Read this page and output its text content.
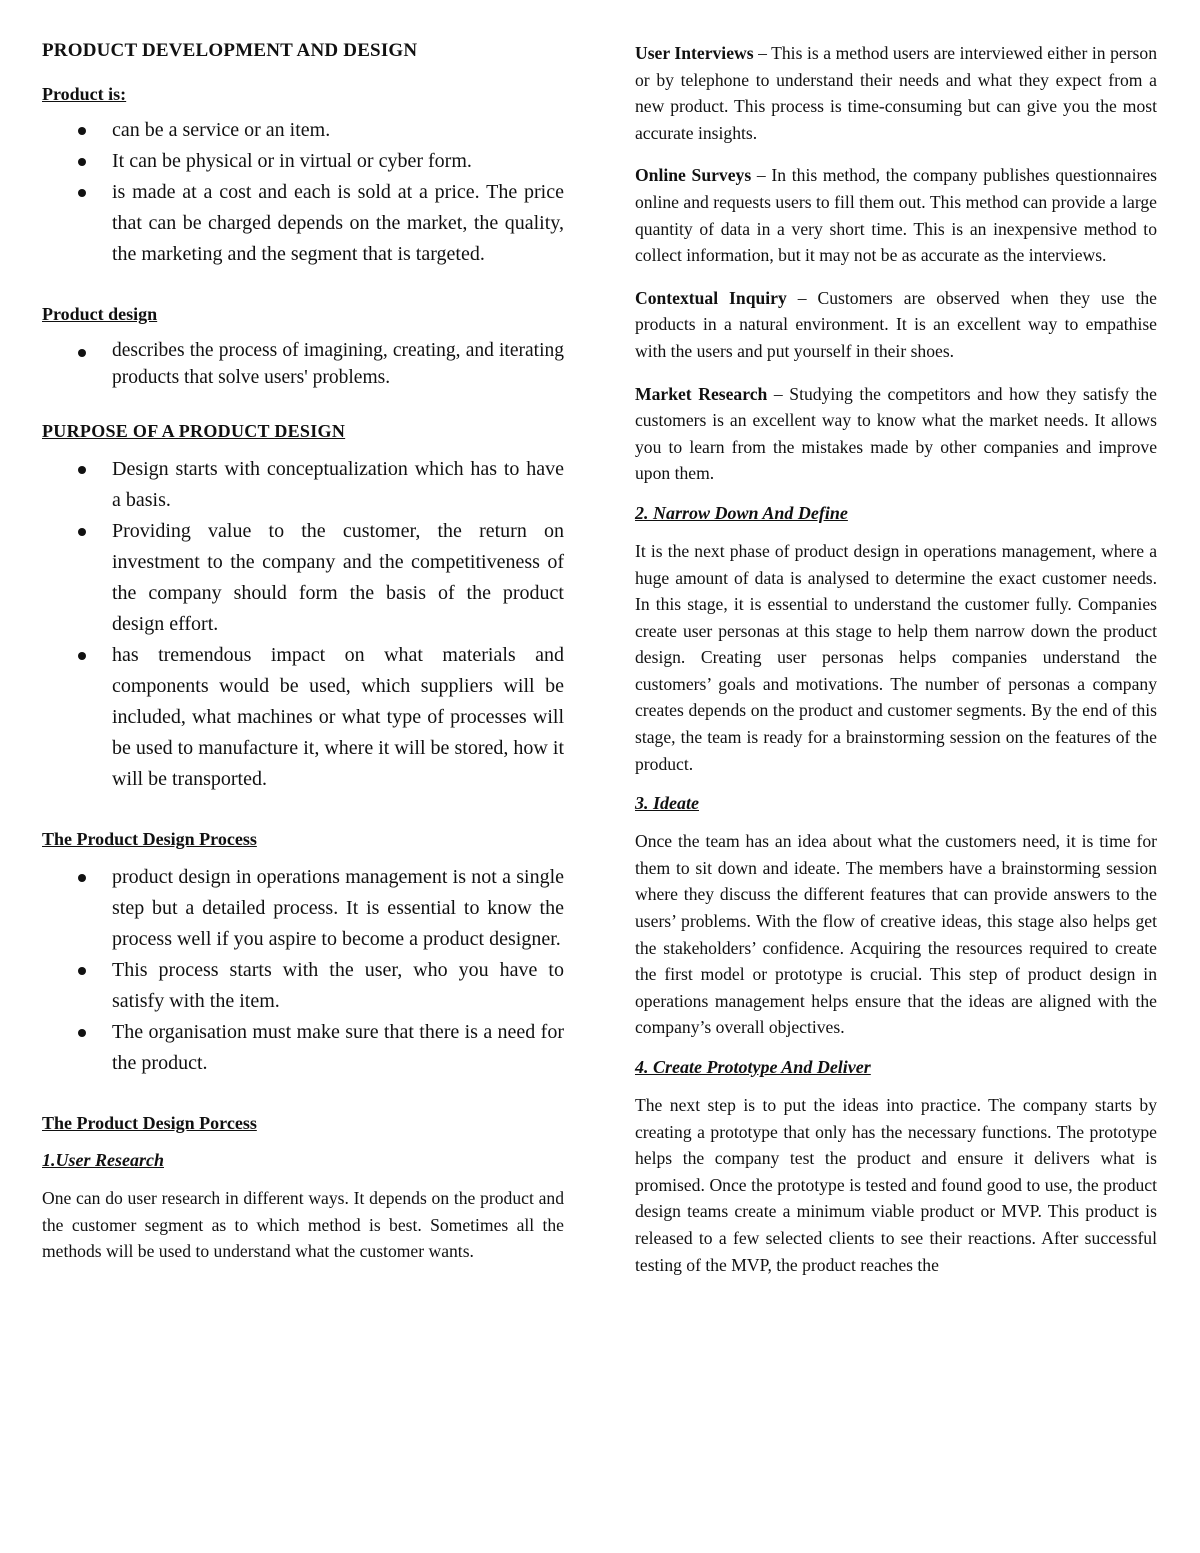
PRODUCT DEVELOPMENT AND DESIGN
Product is:
can be a service or an item.
It can be physical or in virtual or cyber form.
is made at a cost and each is sold at a price. The price that can be charged depends on the market, the quality, the marketing and the segment that is targeted.
Product design
describes the process of imagining, creating, and iterating products that solve users' problems.
PURPOSE OF A PRODUCT DESIGN
Design starts with conceptualization which has to have a basis.
Providing value to the customer, the return on investment to the company and the competitiveness of the company should form the basis of the product design effort.
has tremendous impact on what materials and components would be used, which suppliers will be included, what machines or what type of processes will be used to manufacture it, where it will be stored, how it will be transported.
The Product Design Process
product design in operations management is not a single step but a detailed process. It is essential to know the process well if you aspire to become a product designer.
This process starts with the user, who you have to satisfy with the item.
The organisation must make sure that there is a need for the product.
The Product Design Porcess
1.User Research

One can do user research in different ways. It depends on the product and the customer segment as to which method is best. Sometimes all the methods will be used to understand what the customer wants.

User Interviews – This is a method users are interviewed either in person or by telephone to understand their needs and what they expect from a new product. This process is time-consuming but can give you the most accurate insights.

Online Surveys – In this method, the company publishes questionnaires online and requests users to fill them out. This method can provide a large quantity of data in a very short time. This is an inexpensive method to collect information, but it may not be as accurate as the interviews.

Contextual Inquiry – Customers are observed when they use the products in a natural environment. It is an excellent way to empathise with the users and put yourself in their shoes.

Market Research – Studying the competitors and how they satisfy the customers is an excellent way to know what the market needs. It allows you to learn from the mistakes made by other companies and improve upon them.

2. Narrow Down And Define

It is the next phase of product design in operations management, where a huge amount of data is analysed to determine the exact customer needs. In this stage, it is essential to understand the customer fully. Companies create user personas at this stage to help them narrow down the product design. Creating user personas helps companies understand the customers’ goals and motivations. The number of personas a company creates depends on the product and customer segments. By the end of this stage, the team is ready for a brainstorming session on the features of the product.

3. Ideate

Once the team has an idea about what the customers need, it is time for them to sit down and ideate. The members have a brainstorming session where they discuss the different features that can provide answers to the users’ problems. With the flow of creative ideas, this stage also helps get the stakeholders’ confidence. Acquiring the resources required to create the first model or prototype is crucial. This step of product design in operations management helps ensure that the ideas are aligned with the company’s overall objectives.

4. Create Prototype And Deliver

The next step is to put the ideas into practice. The company starts by creating a prototype that only has the necessary functions. The prototype helps the company test the product and ensure it delivers what is promised. Once the prototype is tested and found good to use, the product design teams create a minimum viable product or MVP. This product is released to a few selected clients to see their reactions. After successful testing of the MVP, the product reaches the
